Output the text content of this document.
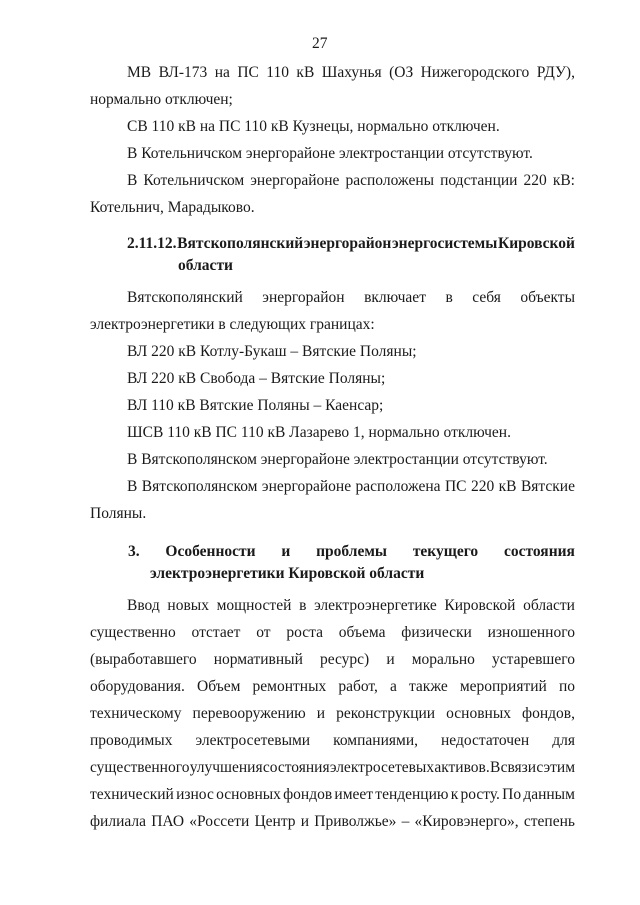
27
МВ ВЛ-173 на ПС 110 кВ Шахунья (ОЗ Нижегородского РДУ),
нормально отключен;
СВ 110 кВ на ПС 110 кВ Кузнецы, нормально отключен.
В Котельничском энергорайоне электростанции отсутствуют.
В Котельничском энергорайоне расположены подстанции 220 кВ:
Котельнич, Марадыково.
2.11.12. Вятскополянский энергорайон энергосистемы Кировской
области
Вятскополянский энергорайон включает в себя объекты
электроэнергетики в следующих границах:
ВЛ 220 кВ Котлу-Букаш – Вятские Поляны;
ВЛ 220 кВ Свобода – Вятские Поляны;
ВЛ 110 кВ Вятские Поляны – Каенсар;
ШСВ 110 кВ ПС 110 кВ Лазарево 1, нормально отключен.
В Вятскополянском энергорайоне электростанции отсутствуют.
В Вятскополянском энергорайоне расположена ПС 220 кВ Вятские
Поляны.
3. Особенности и проблемы текущего состояния
электроэнергетики Кировской области
Ввод новых мощностей в электроэнергетике Кировской области
существенно отстает от роста объема физически изношенного
(выработавшего нормативный ресурс) и морально устаревшего
оборудования. Объем ремонтных работ, а также мероприятий по
техническому перевооружению и реконструкции основных фондов,
проводимых электросетевыми компаниями, недостаточен для
существенного улучшения состояния электросетевых активов. В связи с этим
технический износ основных фондов имеет тенденцию к росту. По данным
филиала ПАО «Россети Центр и Приволжье» – «Кировэнерго», степень
